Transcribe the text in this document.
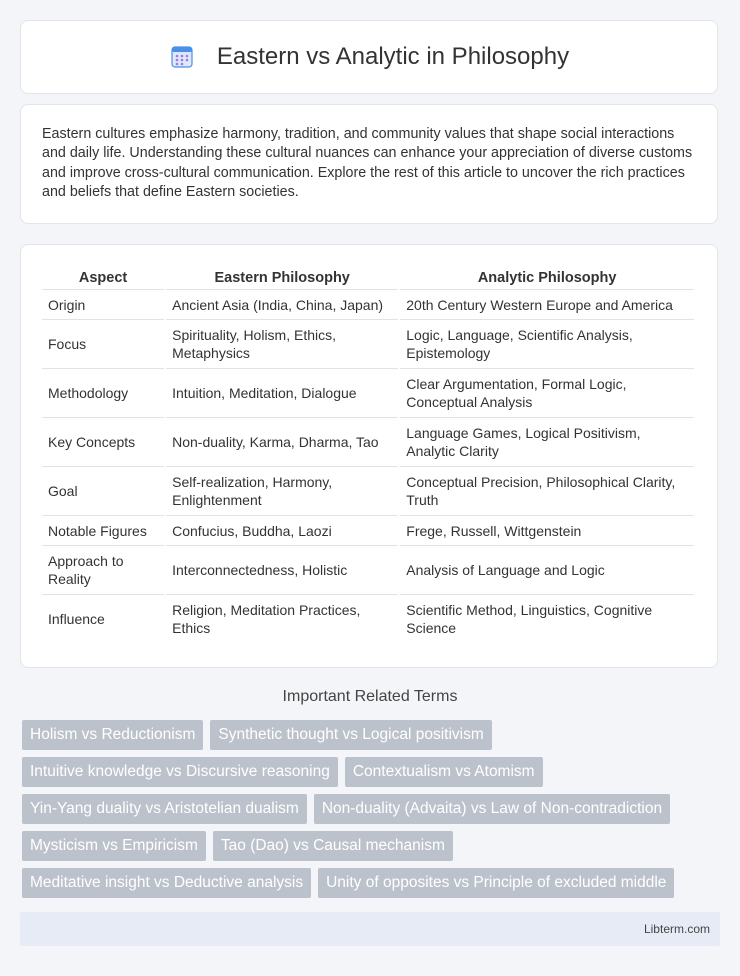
Eastern vs Analytic in Philosophy
Eastern cultures emphasize harmony, tradition, and community values that shape social interactions and daily life. Understanding these cultural nuances can enhance your appreciation of diverse customs and improve cross-cultural communication. Explore the rest of this article to uncover the rich practices and beliefs that define Eastern societies.
Aspect	Eastern Philosophy	Analytic Philosophy
Origin	Ancient Asia (India, China, Japan)	20th Century Western Europe and America
Focus	Spirituality, Holism, Ethics, Metaphysics	Logic, Language, Scientific Analysis, Epistemology
Methodology	Intuition, Meditation, Dialogue	Clear Argumentation, Formal Logic, Conceptual Analysis
Key Concepts	Non-duality, Karma, Dharma, Tao	Language Games, Logical Positivism, Analytic Clarity
Goal	Self-realization, Harmony, Enlightenment	Conceptual Precision, Philosophical Clarity, Truth
Notable Figures	Confucius, Buddha, Laozi	Frege, Russell, Wittgenstein
Approach to Reality	Interconnectedness, Holistic	Analysis of Language and Logic
Influence	Religion, Meditation Practices, Ethics	Scientific Method, Linguistics, Cognitive Science
Important Related Terms
Holism vs Reductionism	Synthetic thought vs Logical positivism
Intuitive knowledge vs Discursive reasoning	Contextualism vs Atomism
Yin-Yang duality vs Aristotelian dualism	Non-duality (Advaita) vs Law of Non-contradiction
Mysticism vs Empiricism	Tao (Dao) vs Causal mechanism
Meditative insight vs Deductive analysis	Unity of opposites vs Principle of excluded middle
Libterm.com
